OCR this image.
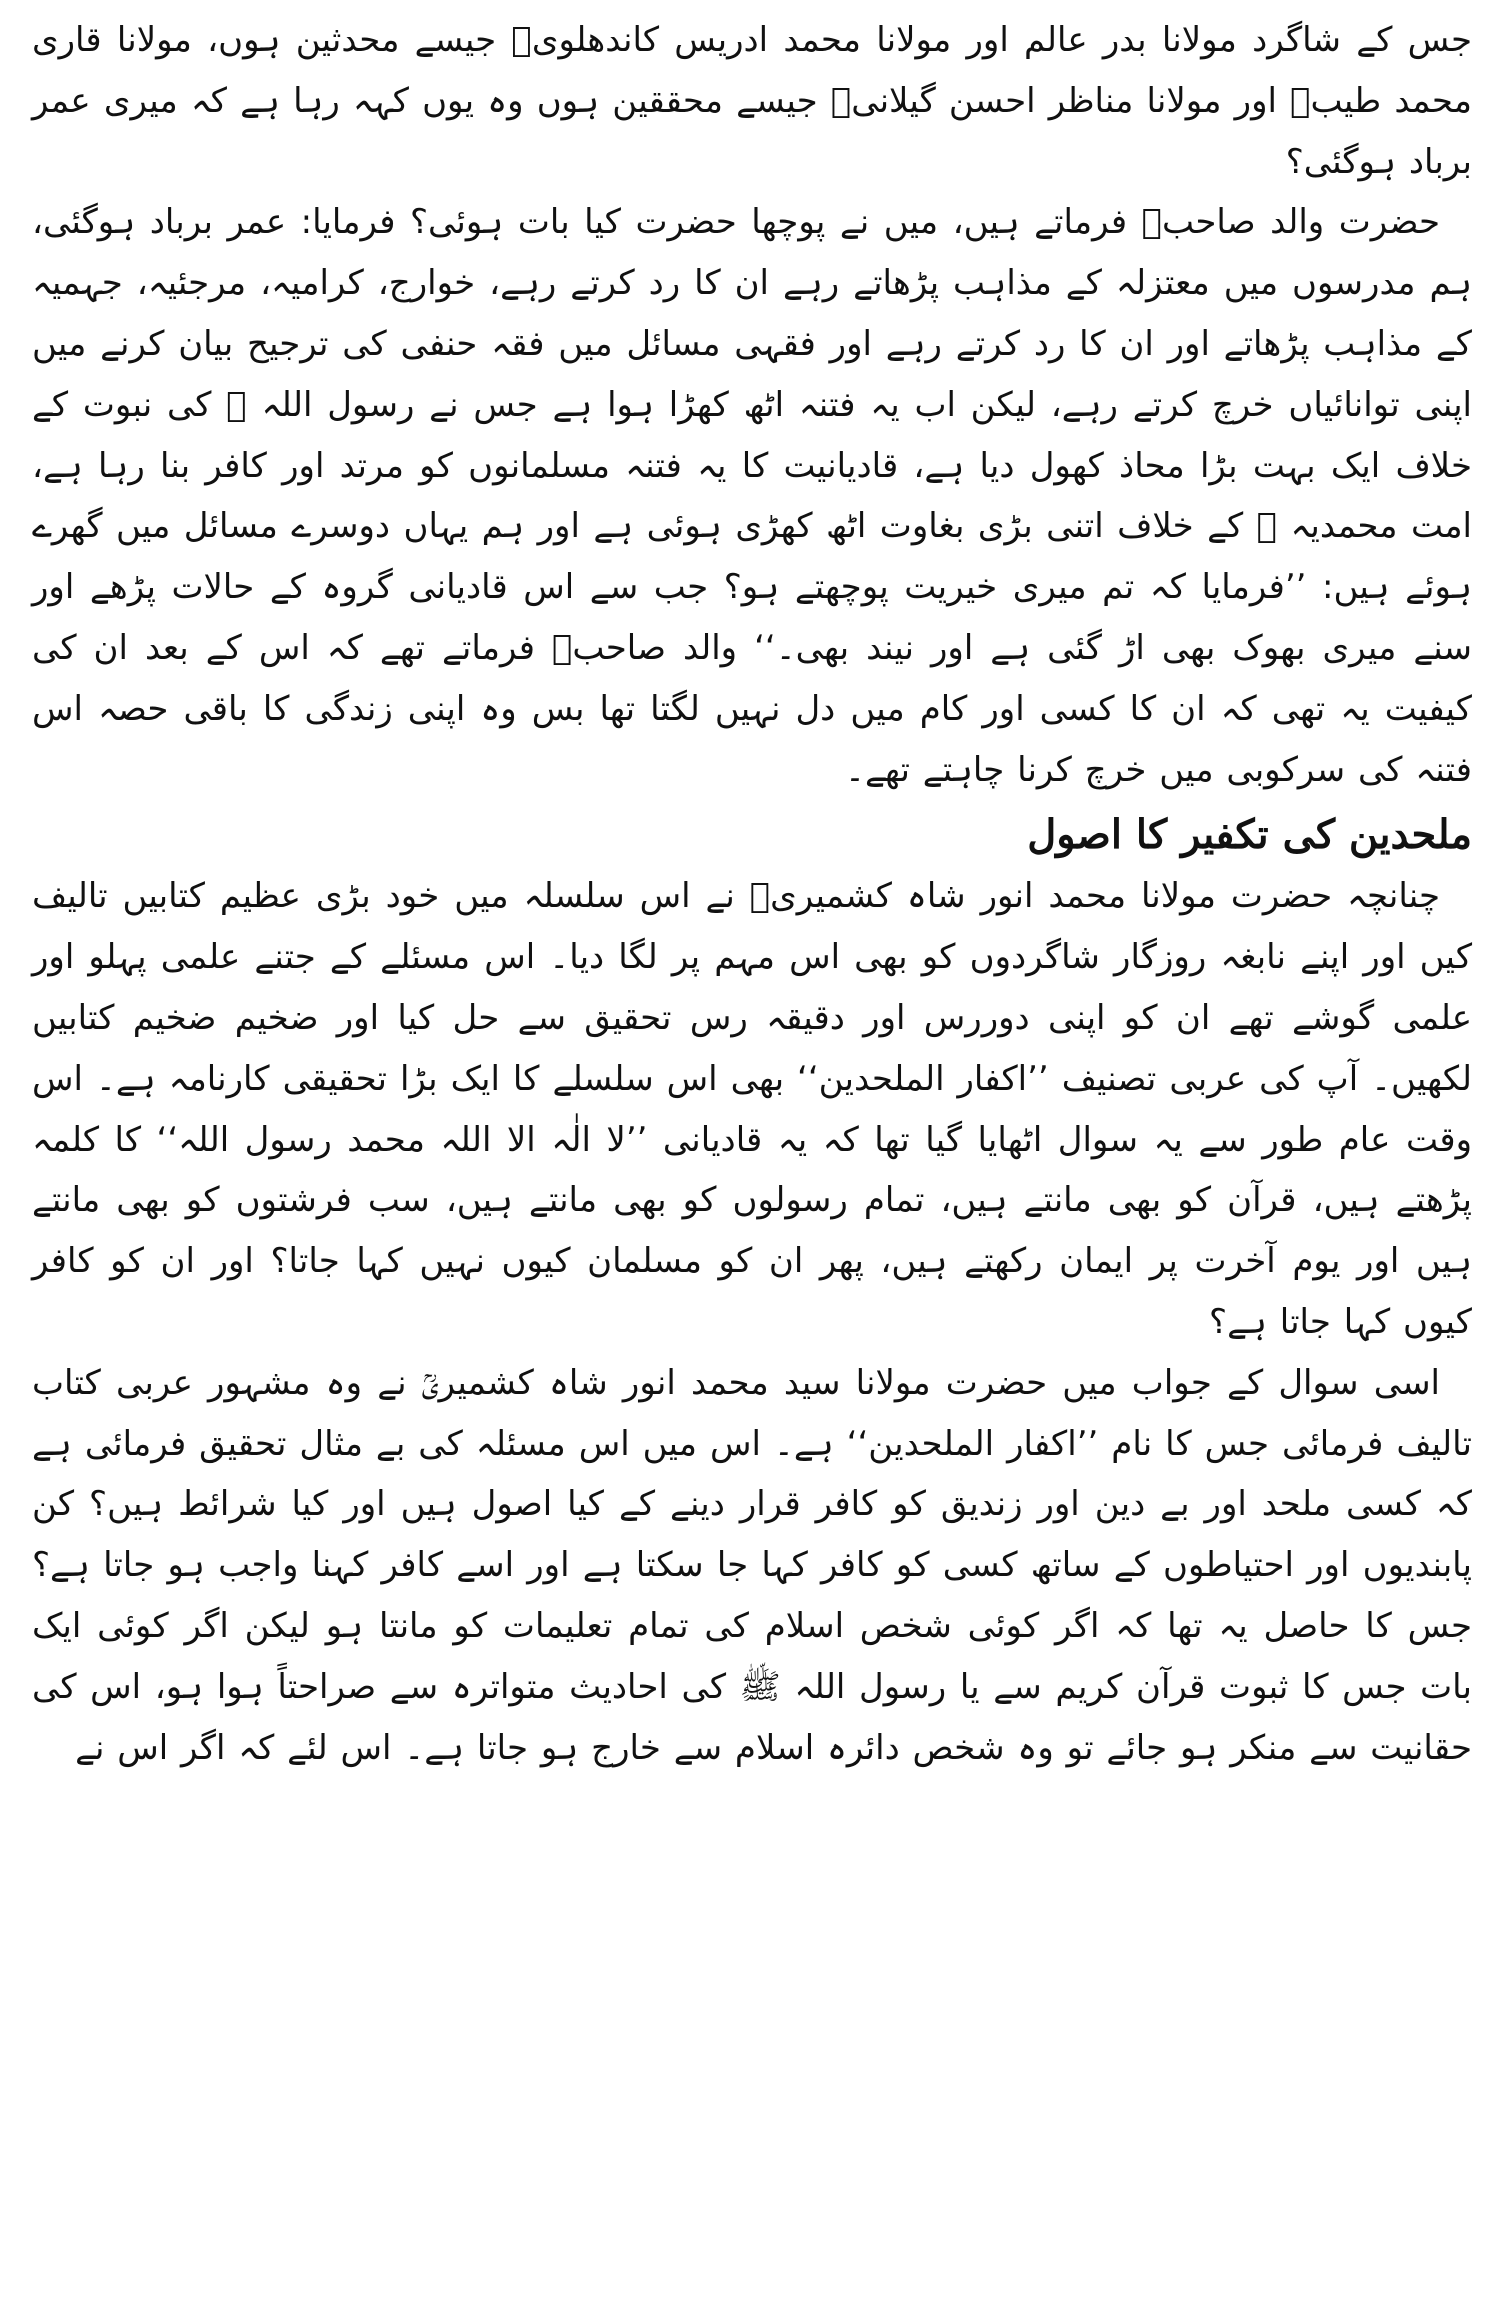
جس کے شاگرد مولانا بدر عالم اور مولانا محمد ادریس کاندھلویؒ جیسے محدثین ہوں، مولانا قاری محمد طیبؒ اور مولانا مناظر احسن گیلانیؒ جیسے محققین ہوں وہ یوں کہہ رہا ہے کہ میری عمر برباد ہوگئی؟

حضرت والد صاحبؒ فرماتے ہیں، میں نے پوچھا حضرت کیا بات ہوئی؟ فرمایا: عمر برباد ہوگئی، ہم مدرسوں میں معتزلہ کے مذاہب پڑھاتے رہے ان کا رد کرتے رہے، خوارج، کرامیہ، مرجئیہ، جہمیہ کے مذاہب پڑھاتے اور ان کا رد کرتے رہے اور فقہی مسائل میں فقہ حنفی کی ترجیح بیان کرنے میں اپنی توانائیاں خرچ کرتے رہے، لیکن اب یہ فتنہ اٹھ کھڑا ہوا ہے جس نے رسول اللہ ﷺ کی نبوت کے خلاف ایک بہت بڑا محاذ کھول دیا ہے، قادیانیت کا یہ فتنہ مسلمانوں کو مرتد اور کافر بنا رہا ہے، امت محمدیہ ﷺ کے خلاف اتنی بڑی بغاوت اٹھ کھڑی ہوئی ہے اور ہم یہاں دوسرے مسائل میں گھرے ہوئے ہیں: ’’فرمایا کہ تم میری خیریت پوچھتے ہو؟ جب سے اس قادیانی گروہ کے حالات پڑھے اور سنے میری بھوک بھی اڑ گئی ہے اور نیند بھی۔‘‘ والد صاحبؒ فرماتے تھے کہ اس کے بعد ان کی کیفیت یہ تھی کہ ان کا کسی اور کام میں دل نہیں لگتا تھا بس وہ اپنی زندگی کا باقی حصہ اس فتنہ کی سرکوبی میں خرچ کرنا چاہتے تھے۔

ملحدین کی تکفیر کا اصول

چنانچہ حضرت مولانا محمد انور شاہ کشمیریؒ نے اس سلسلہ میں خود بڑی عظیم کتابیں تالیف کیں اور اپنے نابغہ روزگار شاگردوں کو بھی اس مہم پر لگا دیا۔ اس مسئلے کے جتنے علمی پہلو اور علمی گوشے تھے ان کو اپنی دوررس اور دقیقہ رس تحقیق سے حل کیا اور ضخیم ضخیم کتابیں لکھیں۔ آپ کی عربی تصنیف ’’اکفار الملحدین‘‘ بھی اس سلسلے کا ایک بڑا تحقیقی کارنامہ ہے۔ اس وقت عام طور سے یہ سوال اٹھایا گیا تھا کہ یہ قادیانی ’’لا الٰہ الا اللہ محمد رسول اللہ‘‘ کا کلمہ پڑھتے ہیں، قرآن کو بھی مانتے ہیں، تمام رسولوں کو بھی مانتے ہیں، سب فرشتوں کو بھی مانتے ہیں اور یوم آخرت پر ایمان رکھتے ہیں، پھر ان کو مسلمان کیوں نہیں کہا جاتا؟ اور ان کو کافر کیوں کہا جاتا ہے؟

اسی سوال کے جواب میں حضرت مولانا سید محمد انور شاہ کشمیریؒ نے وہ مشہور عربی کتاب تالیف فرمائی جس کا نام ’’اکفار الملحدین‘‘ ہے۔ اس میں اس مسئلہ کی بے مثال تحقیق فرمائی ہے کہ کسی ملحد اور بے دین اور زندیق کو کافر قرار دینے کے کیا اصول ہیں اور کیا شرائط ہیں؟ کن پابندیوں اور احتیاطوں کے ساتھ کسی کو کافر کہا جا سکتا ہے اور اسے کافر کہنا واجب ہو جاتا ہے؟ جس کا حاصل یہ تھا کہ اگر کوئی شخص اسلام کی تمام تعلیمات کو مانتا ہو لیکن اگر کوئی ایک بات جس کا ثبوت قرآن کریم سے یا رسول اللہ ﷺ کی احادیث متواترہ سے صراحتاً ہوا ہو، اس کی حقانیت سے منکر ہو جائے تو وہ شخص دائرہ اسلام سے خارج ہو جاتا ہے۔ اس لئے کہ اگر اس نے
